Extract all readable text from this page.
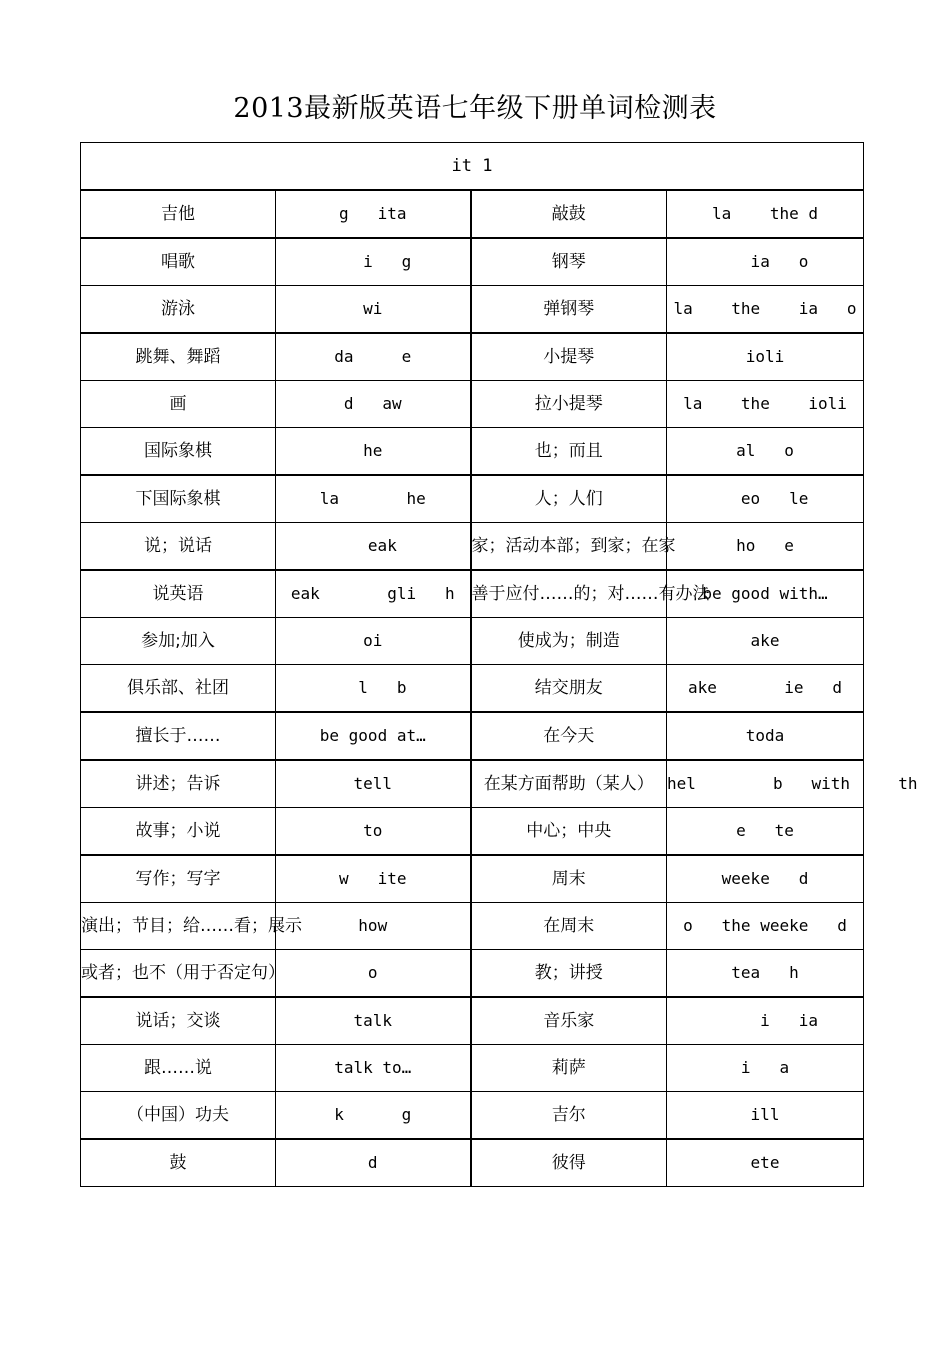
2013最新版英语七年级下册单词检测表
it 1			
吉他	g   ita	敲鼓	la    the d
唱歌	i   g	钢琴	ia   o
游泳	wi	弹钢琴	la    the    ia   o
跳舞、舞蹈	da     e	小提琴	ioli
画	d   aw	拉小提琴	la    the    ioli
国际象棋	he	也；而且	al   o
下国际象棋	la       he	人；人们	eo   le
说；说话	eak	家；活动本部；到家；在家	ho   e
说英语	eak       gli   h	善于应付……的；对……有办法	be good with…
参加;加入	oi	使成为；制造	ake
俱乐部、社团	l   b	结交朋友	ake       ie   d
擅长于……	be good at…	在今天	toda
讲述；告诉	tell	在某方面帮助（某人）	hel        b   with     th
故事；小说	to	中心；中央	e   te
写作；写字	w   ite	周末	weeke   d
演出；节目；给……看；展示	how	在周末	o   the weeke   d
或者；也不（用于否定句）	o	教；讲授	tea   h
说话；交谈	talk	音乐家	i   ia
跟……说	talk to…	莉萨	i   a
（中国）功夫	k      g	吉尔	ill
鼓	d	彼得	ete
